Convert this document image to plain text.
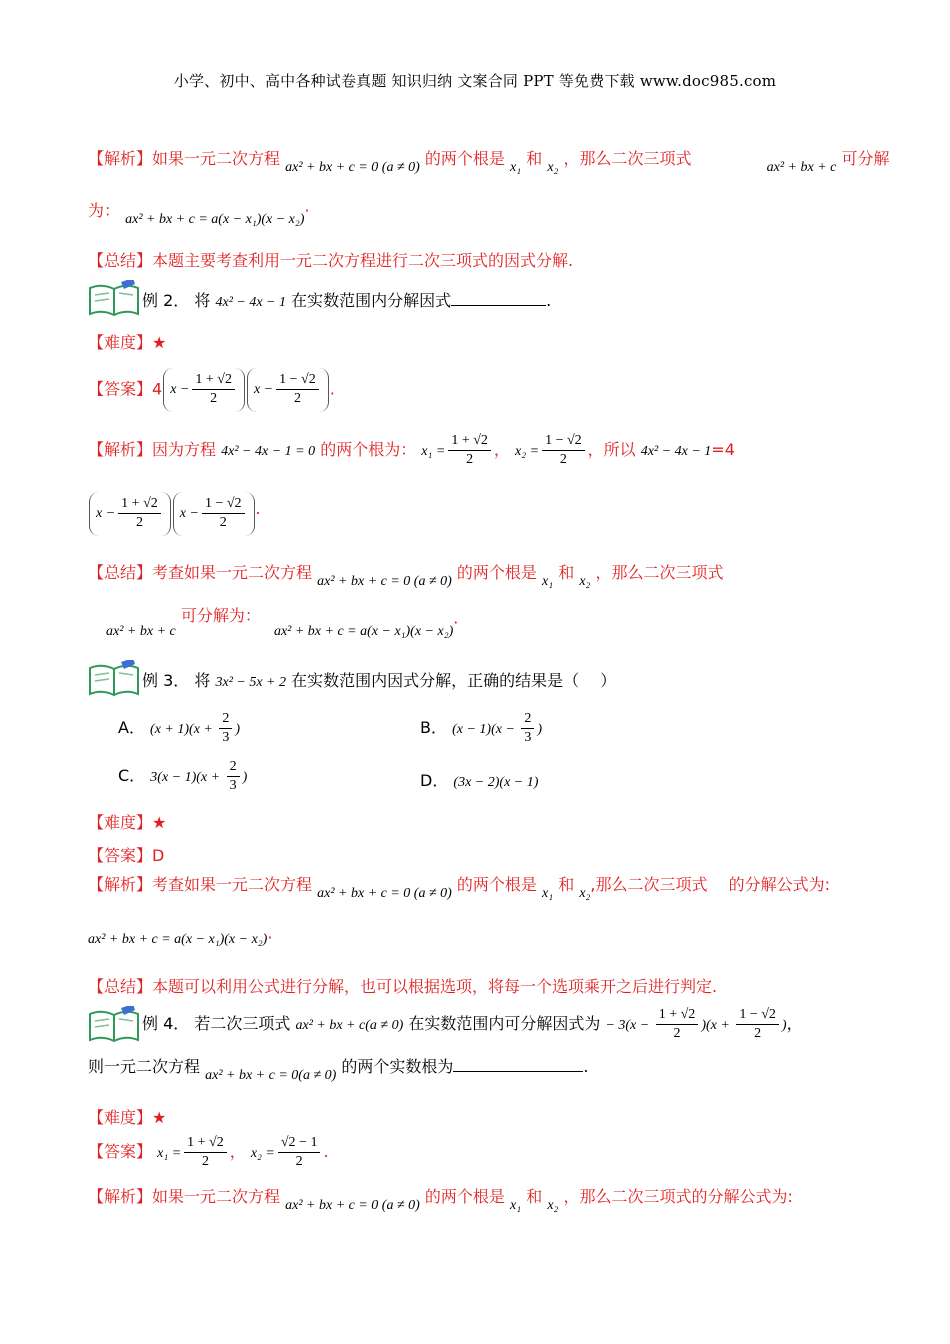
小学、初中、高中各种试卷真题 知识归纳 文案合同 PPT 等免费下载 www.doc985.com
【解析】如果一元二次方程 ax² + bx + c = 0 (a ≠ 0) 的两个根是 x₁ 和 x₂ ，那么二次三项式	ax² + bx + c 可分解
为： ax² + bx + c = a(x − x₁)(x − x₂)·
【总结】本题主要考查利用一元二次方程进行二次三项式的因式分解.
例 2． 将 4x² − 4x − 1 在实数范围内分解因式	.
【难度】★
【答案】4 $x - \frac{1 + √2}{2}$ $x - \frac{1 - √2}{2}$ .
【解析】因为方程 4x² − 4x − 1 = 0 的两个根为： $x_1 = \frac{1 + √2}{2}$ ， $x_2 = \frac{1 - √2}{2}$ ，所以 4x² − 4x − 1=4
$x - \frac{1 + √2}{2}$ $x - \frac{1 - √2}{2}$ ·
【总结】考查如果一元二次方程 ax² + bx + c = 0 (a ≠ 0) 的两个根是 x₁ 和 x₂ ，那么二次三项式
ax² + bx + c 可分解为： ax² + bx + c = a(x − x₁)(x − x₂)·
例 3． 将 3x² − 5x + 2 在实数范围内因式分解，正确的结果是（　 ）
A． $(x + 1)(x + \frac{2}{3}$ )	B． $(x - 1)(x - \frac{2}{3}$ )
C． $3(x - 1)(x + \frac{2}{3}$ )	D． (3x − 2)(x − 1)
【难度】★
【答案】D
【解析】考查如果一元二次方程 ax² + bx + c = 0 (a ≠ 0) 的两个根是 x₁ 和 x₂,那么二次三项式　 的分解公式为:
ax² + bx + c = a(x − x₁)(x − x₂)·
【总结】本题可以利用公式进行分解，也可以根据选项，将每一个选项乘开之后进行判定.
例 4． 若二次三项式 ax² + bx + c(a ≠ 0) 在实数范围内可分解因式为 − $3(x - \frac{1 + √2}{2} )(x + \frac{1 - √2}{2}$ )，
则一元二次方程 ax² + bx + c = 0(a ≠ 0) 的两个实数根为	.
【难度】★
【答案】 $x_1 = \frac{1 + √2}{2}$ ， $x_2 = \frac{√2 - 1}{2}$ .
【解析】如果一元二次方程 ax² + bx + c = 0 (a ≠ 0) 的两个根是 x₁ 和 x₂ ，那么二次三项式的分解公式为:
